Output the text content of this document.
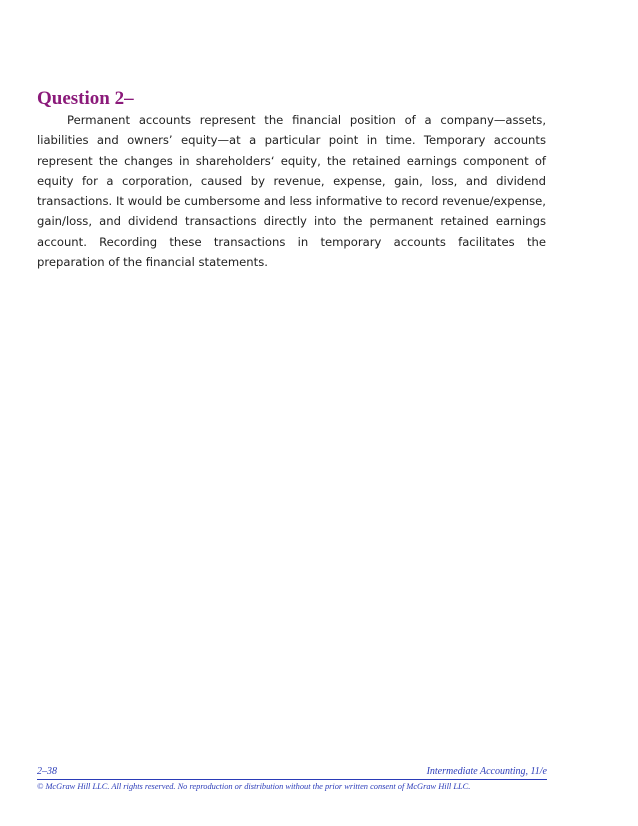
Question 2–

Permanent accounts represent the financial position of a company—assets, liabilities and owners’ equity—at a particular point in time. Temporary accounts represent the changes in shareholders‘ equity, the retained earnings component of equity for a corporation, caused by revenue, expense, gain, loss, and dividend transactions. It would be cumbersome and less informative to record revenue/expense, gain/loss, and dividend transactions directly into the permanent retained earnings account. Recording these transactions in temporary accounts facilitates the preparation of the financial statements.

2–38	Intermediate Accounting, 11/e
© McGraw Hill LLC. All rights reserved. No reproduction or distribution without the prior written consent of McGraw Hill LLC.
